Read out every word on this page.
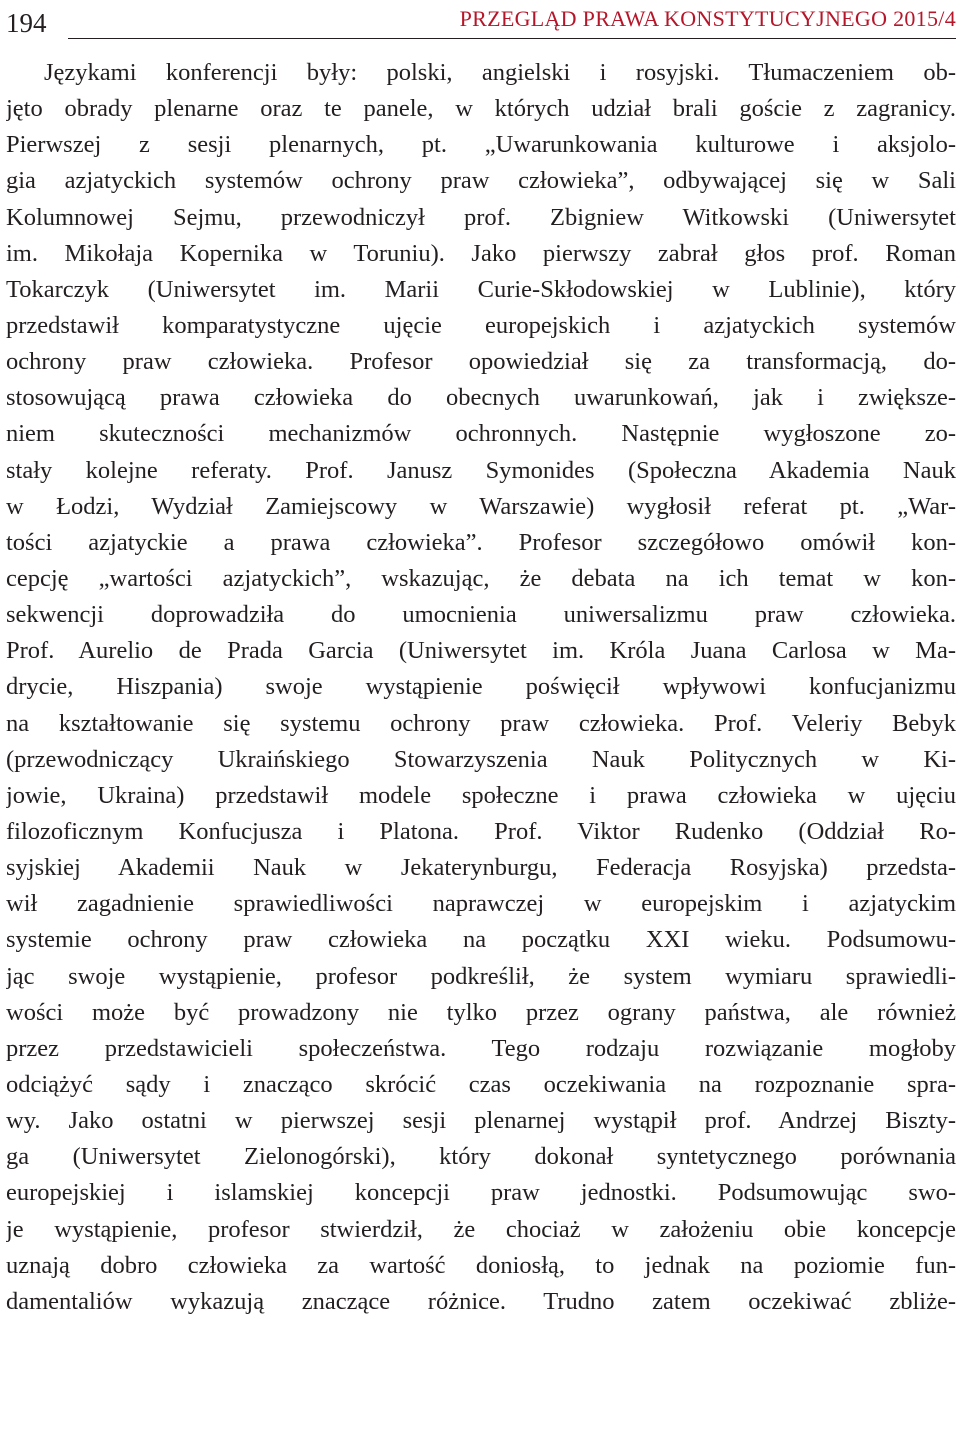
194	PRZEGLĄD PRAWA KONSTYTUCYJNEGO 2015/4
Językami konferencji były: polski, angielski i rosyjski. Tłumaczeniem ob-
jęto obrady plenarne oraz te panele, w których udział brali goście z zagranicy.
Pierwszej z sesji plenarnych, pt. „Uwarunkowania kulturowe i aksjolo-
gia azjatyckich systemów ochrony praw człowieka”, odbywającej się w Sali
Kolumnowej Sejmu, przewodniczył prof. Zbigniew Witkowski (Uniwersytet
im. Mikołaja Kopernika w Toruniu). Jako pierwszy zabrał głos prof. Roman
Tokarczyk (Uniwersytet im. Marii Curie-Skłodowskiej w Lublinie), który
przedstawił komparatystyczne ujęcie europejskich i azjatyckich systemów
ochrony praw człowieka. Profesor opowiedział się za transformacją, do-
stosowującą prawa człowieka do obecnych uwarunkowań, jak i zwiększe-
niem skuteczności mechanizmów ochronnych. Następnie wygłoszone zo-
stały kolejne referaty. Prof. Janusz Symonides (Społeczna Akademia Nauk
w Łodzi, Wydział Zamiejscowy w Warszawie) wygłosił referat pt. „War-
tości azjatyckie a prawa człowieka”. Profesor szczegółowo omówił kon-
cepcję „wartości azjatyckich”, wskazując, że debata na ich temat w kon-
sekwencji doprowadziła do umocnienia uniwersalizmu praw człowieka.
Prof. Aurelio de Prada Garcia (Uniwersytet im. Króla Juana Carlosa w Ma-
drycie, Hiszpania) swoje wystąpienie poświęcił wpływowi konfucjanizmu
na kształtowanie się systemu ochrony praw człowieka. Prof. Veleriy Bebyk
(przewodniczący Ukraińskiego Stowarzyszenia Nauk Politycznych w Ki-
jowie, Ukraina) przedstawił modele społeczne i prawa człowieka w ujęciu
filozoficznym Konfucjusza i Platona. Prof. Viktor Rudenko (Oddział Ro-
syjskiej Akademii Nauk w Jekaterynburgu, Federacja Rosyjska) przedsta-
wił zagadnienie sprawiedliwości naprawczej w europejskim i azjatyckim
systemie ochrony praw człowieka na początku XXI wieku. Podsumowu-
jąc swoje wystąpienie, profesor podkreślił, że system wymiaru sprawiedli-
wości może być prowadzony nie tylko przez ograny państwa, ale również
przez przedstawicieli społeczeństwa. Tego rodzaju rozwiązanie mogłoby
odciążyć sądy i znacząco skrócić czas oczekiwania na rozpoznanie spra-
wy. Jako ostatni w pierwszej sesji plenarnej wystąpił prof. Andrzej Biszty-
ga (Uniwersytet Zielonogórski), który dokonał syntetycznego porównania
europejskiej i islamskiej koncepcji praw jednostki. Podsumowując swo-
je wystąpienie, profesor stwierdził, że chociaż w założeniu obie koncepcje
uznają dobro człowieka za wartość doniosłą, to jednak na poziomie fun-
damentaliów wykazują znaczące różnice. Trudno zatem oczekiwać zbliże-
